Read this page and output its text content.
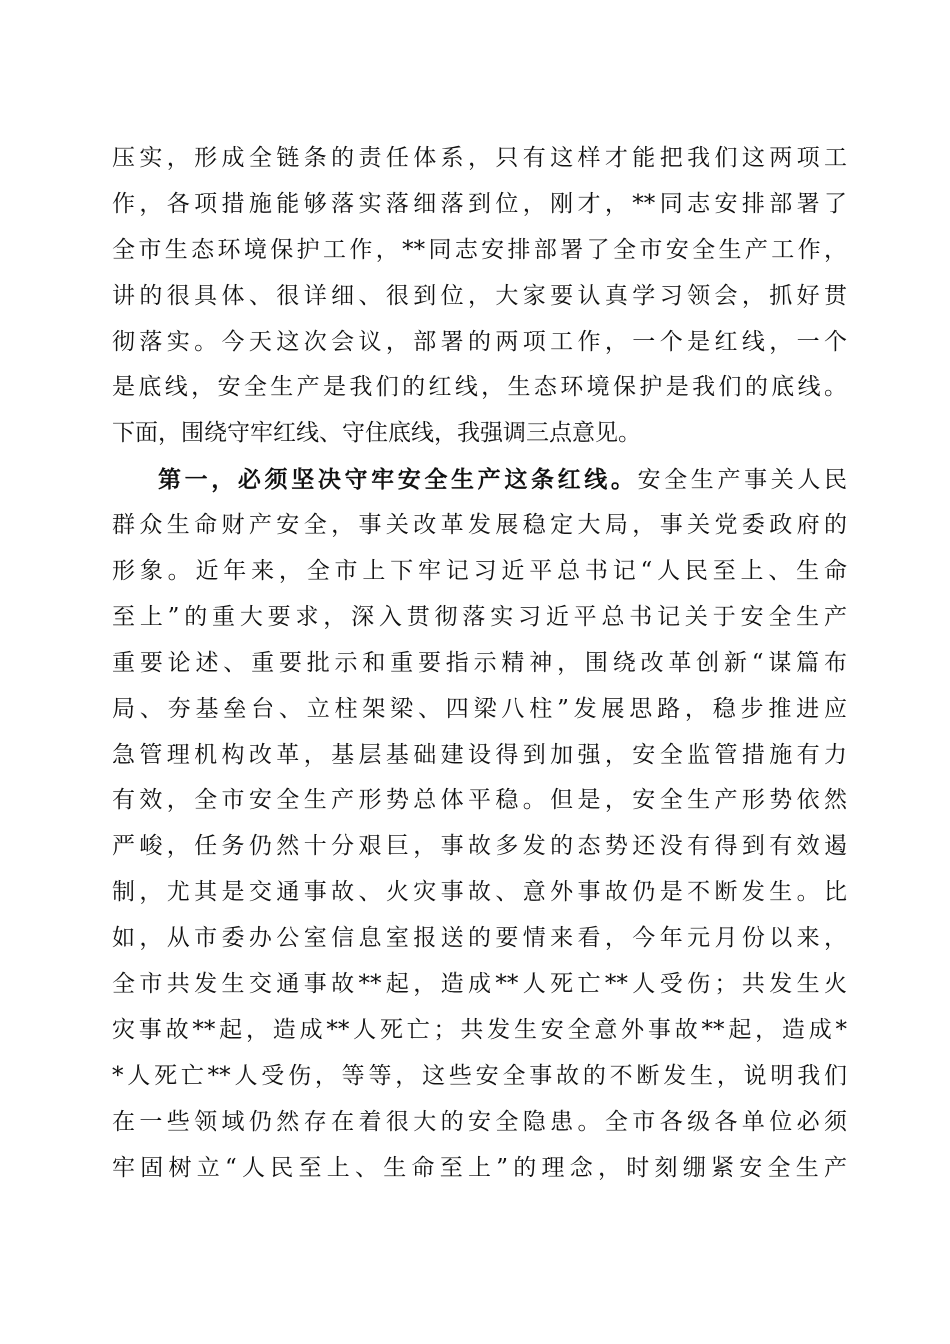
压实，形成全链条的责任体系，只有这样才能把我们这两项工
作，各项措施能够落实落细落到位，刚才，**同志安排部署了
全市生态环境保护工作，**同志安排部署了全市安全生产工作，
讲的很具体、很详细、很到位，大家要认真学习领会，抓好贯
彻落实。今天这次会议，部署的两项工作，一个是红线，一个
是底线，安全生产是我们的红线，生态环境保护是我们的底线。
下面，围绕守牢红线、守住底线，我强调三点意见。
第一，必须坚决守牢安全生产这条红线。安全生产事关人民
群众生命财产安全，事关改革发展稳定大局，事关党委政府的
形象。近年来，全市上下牢记习近平总书记“人民至上、生命
至上”的重大要求，深入贯彻落实习近平总书记关于安全生产
重要论述、重要批示和重要指示精神，围绕改革创新“谋篇布
局、夯基垒台、立柱架梁、四梁八柱”发展思路，稳步推进应
急管理机构改革，基层基础建设得到加强，安全监管措施有力
有效，全市安全生产形势总体平稳。但是，安全生产形势依然
严峻，任务仍然十分艰巨，事故多发的态势还没有得到有效遏
制，尤其是交通事故、火灾事故、意外事故仍是不断发生。比
如，从市委办公室信息室报送的要情来看，今年元月份以来，
全市共发生交通事故**起，造成**人死亡**人受伤；共发生火
灾事故**起，造成**人死亡；共发生安全意外事故**起，造成*
*人死亡**人受伤，等等，这些安全事故的不断发生，说明我们
在一些领域仍然存在着很大的安全隐患。全市各级各单位必须
牢固树立“人民至上、生命至上”的理念，时刻绷紧安全生产
